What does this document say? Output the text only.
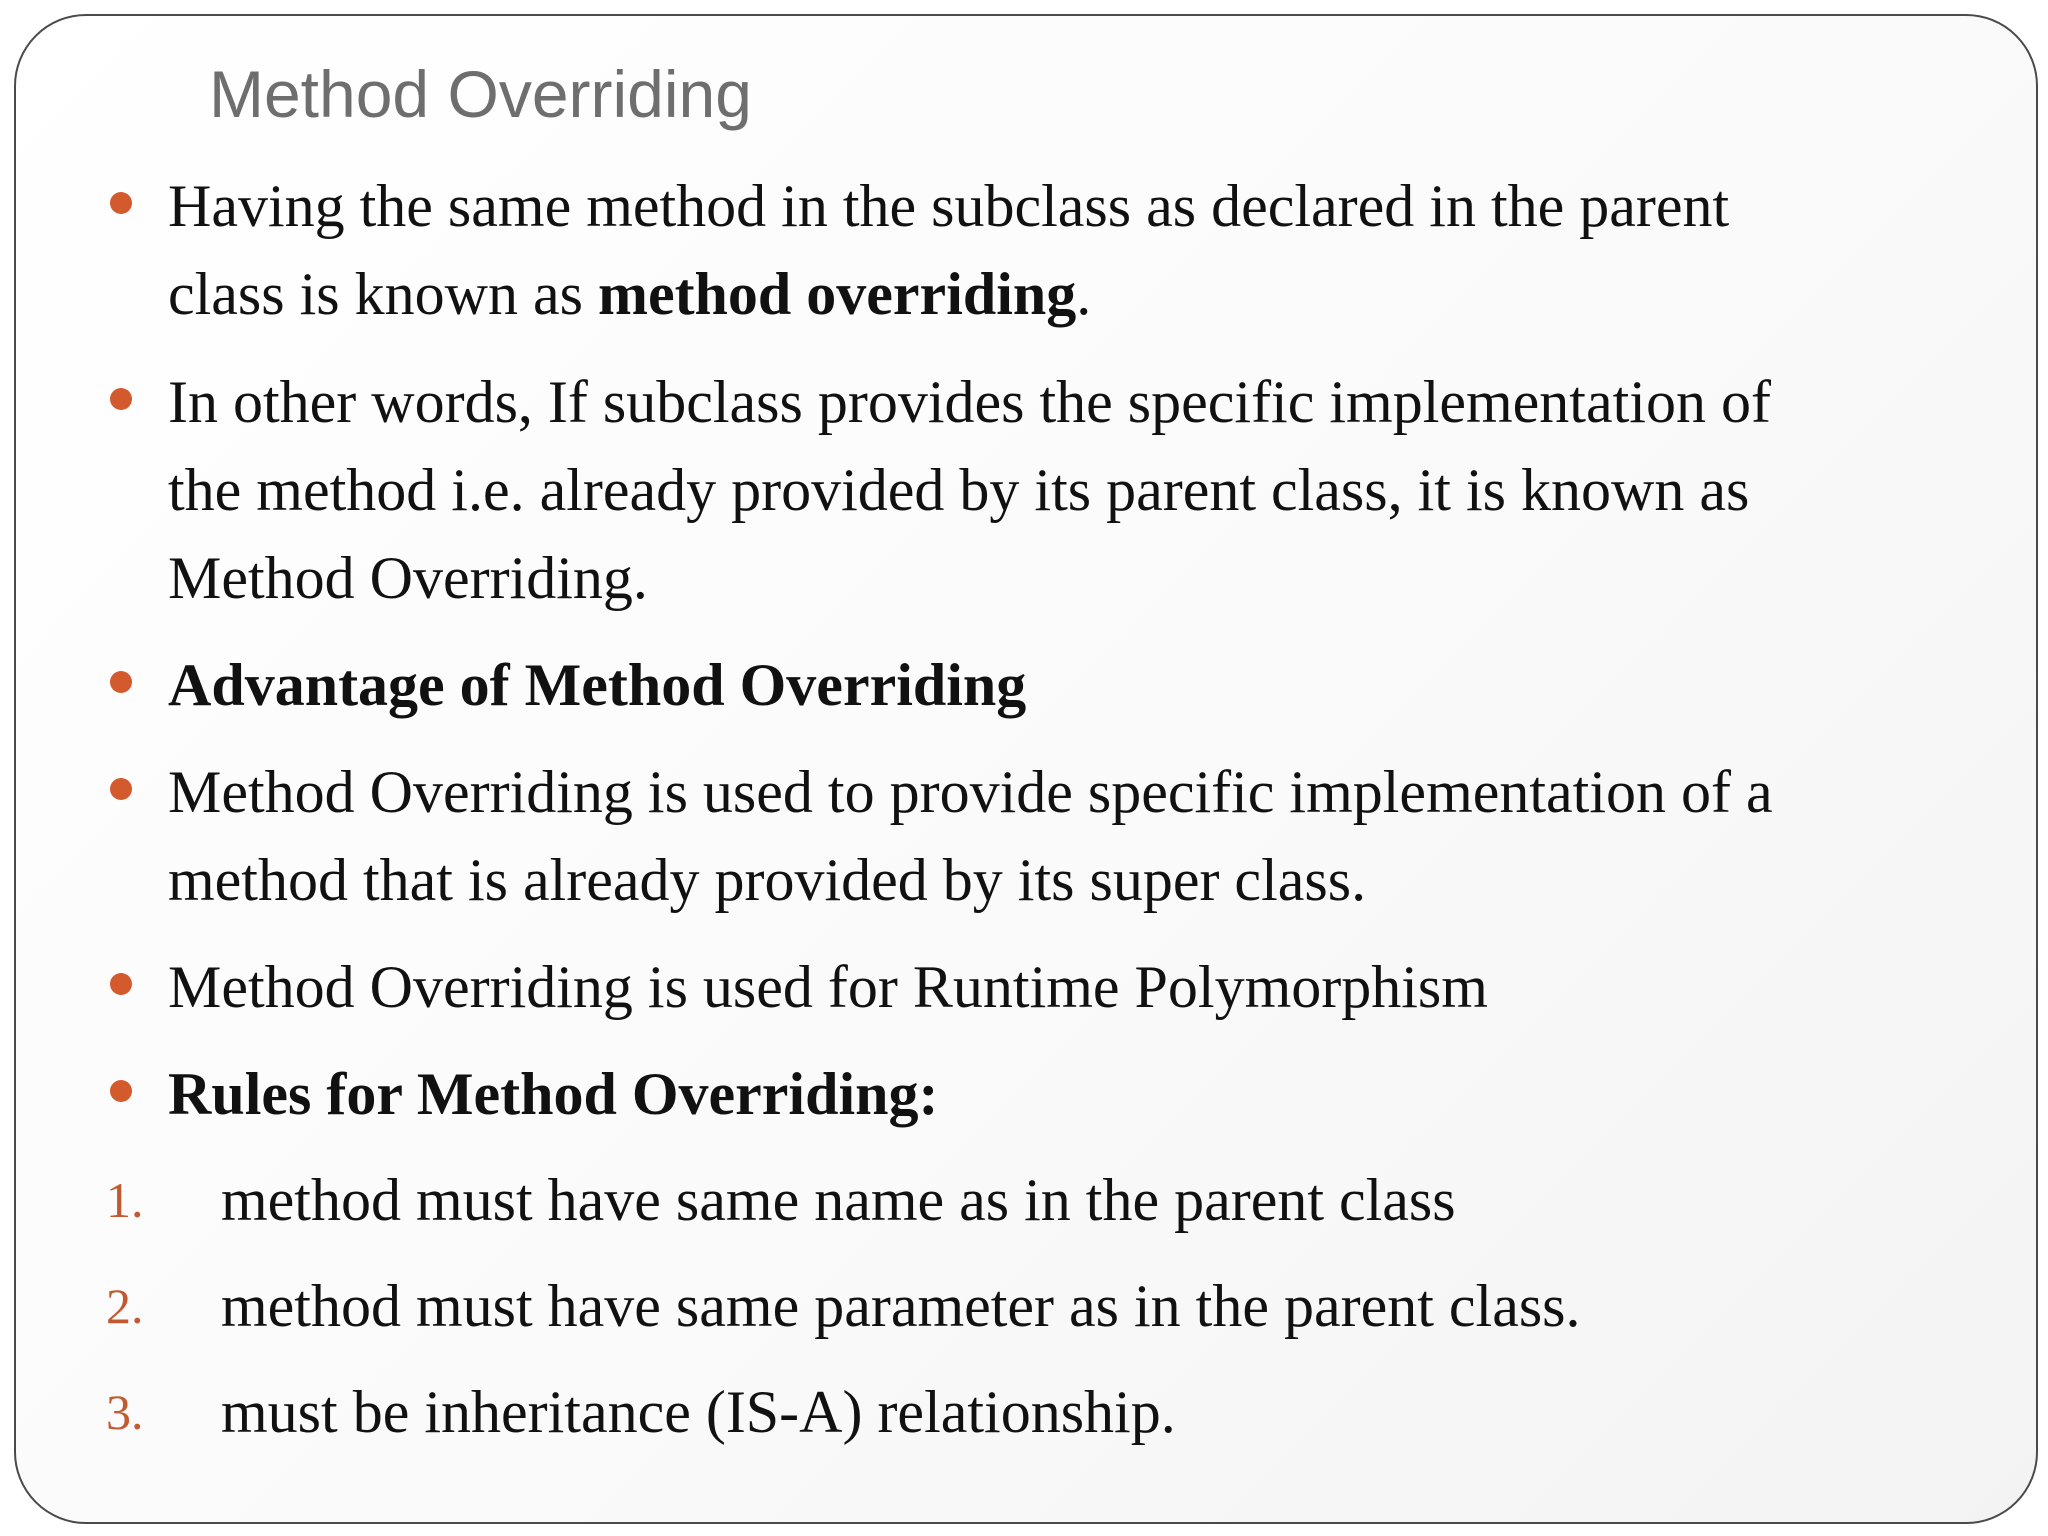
Method Overriding
Having the same method in the subclass as declared in the parent
class is known as method overriding.
In other words, If subclass provides the specific implementation of
the method i.e. already provided by its parent class, it is known as
Method Overriding.
Advantage of Method Overriding
Method Overriding is used to provide specific implementation of a
method that is already provided by its super class.
Method Overriding is used for Runtime Polymorphism
Rules for Method Overriding:
1. method must have same name as in the parent class
2. method must have same parameter as in the parent class.
3. must be inheritance (IS-A) relationship.
